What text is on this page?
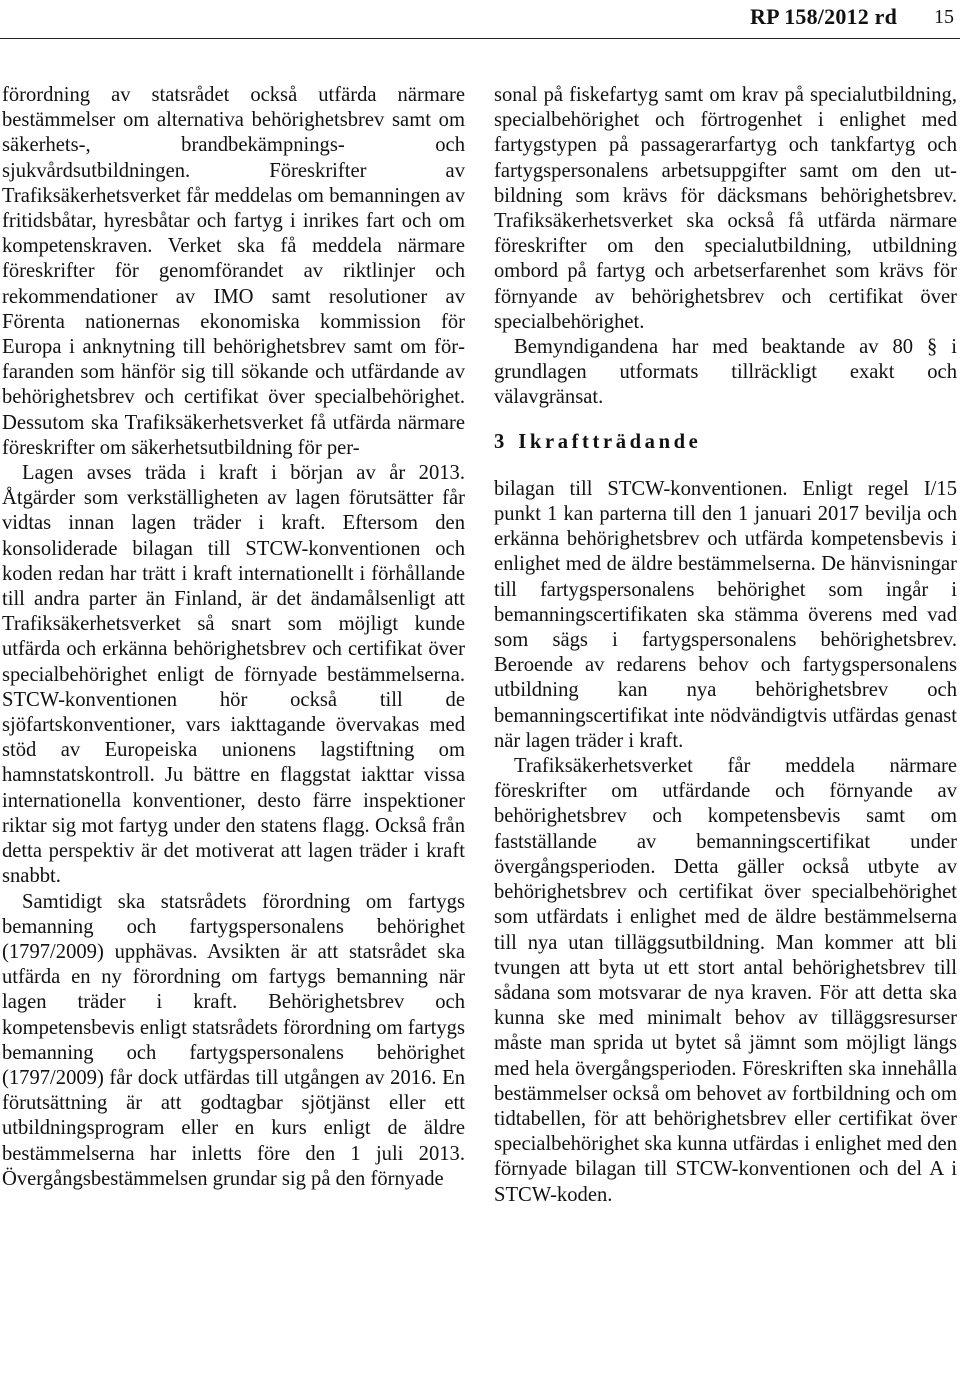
RP 158/2012 rd 15

förordning av statsrådet också utfärda närmare bestämmelser om alternativa behörighetsbrev samt om säkerhets-, brandbekämpnings- och sjukvårdsutbildningen. Föreskrifter av Trafiksäkerhetsverket får meddelas om bemanningen av fritidsbåtar, hyresbåtar och fartyg i inrikes fart och om kompetenskraven. Verket ska få meddela närmare föreskrifter för genomförandet av riktlinjer och rekommendationer av IMO samt resolutioner av Förenta nationernas ekonomiska kommission för Europa i anknytning till behörighetsbrev samt om förfaranden som hänför sig till sökande och utfärdande av behörighetsbrev och certifikat över specialbehörighet. Dessutom ska Trafiksäkerhetsverket få utfärda närmare föreskrifter om säkerhetsutbildning för per-

Lagen avses träda i kraft i början av år 2013. Åtgärder som verkställigheten av lagen förutsätter får vidtas innan lagen träder i kraft. Eftersom den konsoliderade bilagan till STCW-konventionen och koden redan har trätt i kraft internationellt i förhållande till andra parter än Finland, är det ändamålsenligt att Trafiksäkerhetsverket så snart som möjligt kunde utfärda och erkänna behörighetsbrev och certifikat över specialbehörighet enligt de förnyade bestämmelserna. STCW-konventionen hör också till de sjöfartskonventioner, vars iakttagande övervakas med stöd av Europeiska unionens lagstiftning om hamnstatskontroll. Ju bättre en flaggstat iakttar vissa internationella konventioner, desto färre inspektioner riktar sig mot fartyg under den statens flagg. Också från detta perspektiv är det motiverat att lagen träder i kraft snabbt.

Samtidigt ska statsrådets förordning om fartygs bemanning och fartygspersonalens behörighet (1797/2009) upphävas. Avsikten är att statsrådet ska utfärda en ny förordning om fartygs bemanning när lagen träder i kraft. Behörighetsbrev och kompetensbevis enligt statsrådets förordning om fartygs bemanning och fartygspersonalens behörighet (1797/2009) får dock utfärdas till utgången av 2016. En förutsättning är att godtagbar sjötjänst eller ett utbildningsprogram eller en kurs enligt de äldre bestämmelserna har inletts före den 1 juli 2013. Övergångsbestämmelsen grundar sig på den förnyade

sonal på fiskefartyg samt om krav på specialutbildning, specialbehörighet och förtrogenhet i enlighet med fartygstypen på passagerarfartyg och tankfartyg och fartygspersonalens arbetsuppgifter samt om den utbildning som krävs för däcksmans behörighetsbrev. Trafiksäkerhetsverket ska också få utfärda närmare föreskrifter om den specialutbildning, utbildning ombord på fartyg och arbetserfarenhet som krävs för förnyande av behörighetsbrev och certifikat över specialbehörighet.

Bemyndigandena har med beaktande av 80 § i grundlagen utformats tillräckligt exakt och välavgränsat.

3 Ikraftträdande

bilagan till STCW-konventionen. Enligt regel I/15 punkt 1 kan parterna till den 1 januari 2017 bevilja och erkänna behörighetsbrev och utfärda kompetensbevis i enlighet med de äldre bestämmelserna. De hänvisningar till fartygspersonalens behörighet som ingår i bemanningscertifikaten ska stämma överens med vad som sägs i fartygspersonalens behörighetsbrev. Beroende av redarens behov och fartygspersonalens utbildning kan nya behörighetsbrev och bemanningscertifikat inte nödvändigtvis utfärdas genast när lagen träder i kraft.

Trafiksäkerhetsverket får meddela närmare föreskrifter om utfärdande och förnyande av behörighetsbrev och kompetensbevis samt om fastställande av bemanningscertifikat under övergångsperioden. Detta gäller också utbyte av behörighetsbrev och certifikat över specialbehörighet som utfärdats i enlighet med de äldre bestämmelserna till nya utan tilläggsutbildning. Man kommer att bli tvungen att byta ut ett stort antal behörighetsbrev till sådana som motsvarar de nya kraven. För att detta ska kunna ske med minimalt behov av tilläggsresurser måste man sprida ut bytet så jämnt som möjligt längs med hela övergångsperioden. Föreskriften ska innehålla bestämmelser också om behovet av fortbildning och om tidtabellen, för att behörighetsbrev eller certifikat över specialbehörighet ska kunna utfärdas i enlighet med den förnyade bilagan till STCW-konventionen och del A i STCW-koden.
